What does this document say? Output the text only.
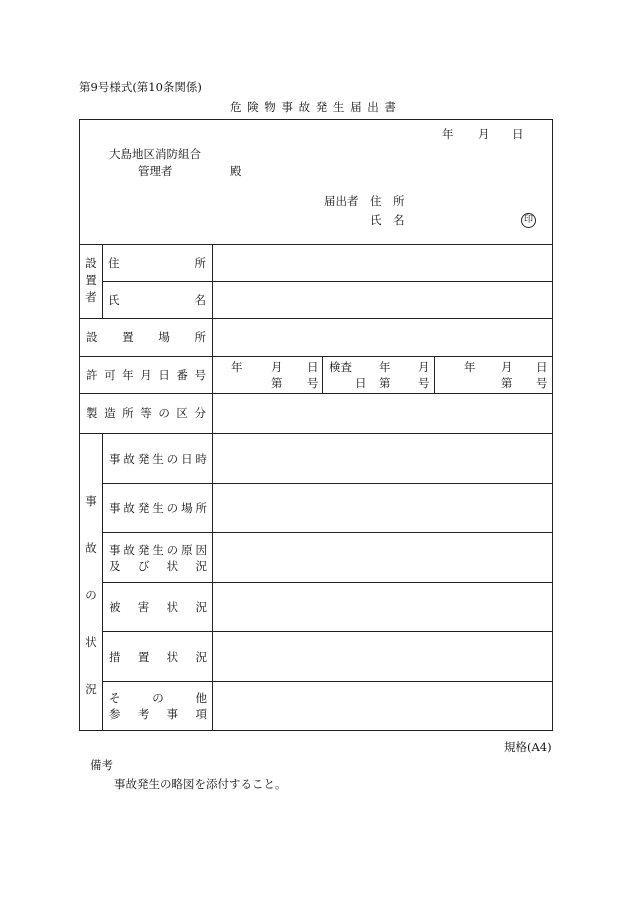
第9号様式(第10条関係)
危 険 物 事 故 発 生 届 出 書
年 月 日
大島地区消防組合
管理者	殿
届出者 住　所
氏　名	印
設置者
住　　　　　所
氏　　　　　名
設 置 場 所
許可年月日番号
年 月 日
第 号
検査 年 月
日 第 号
年 月 日
第 号
製造所等の区分
事故の状況
事故発生の日時
事故発生の場所
事故発生の原因
及　び　状　況
被　害　状　況
措　置　状　況
そ　　の　　他
参　考　事　項
規格(A4)
備考
事故発生の略図を添付すること。
